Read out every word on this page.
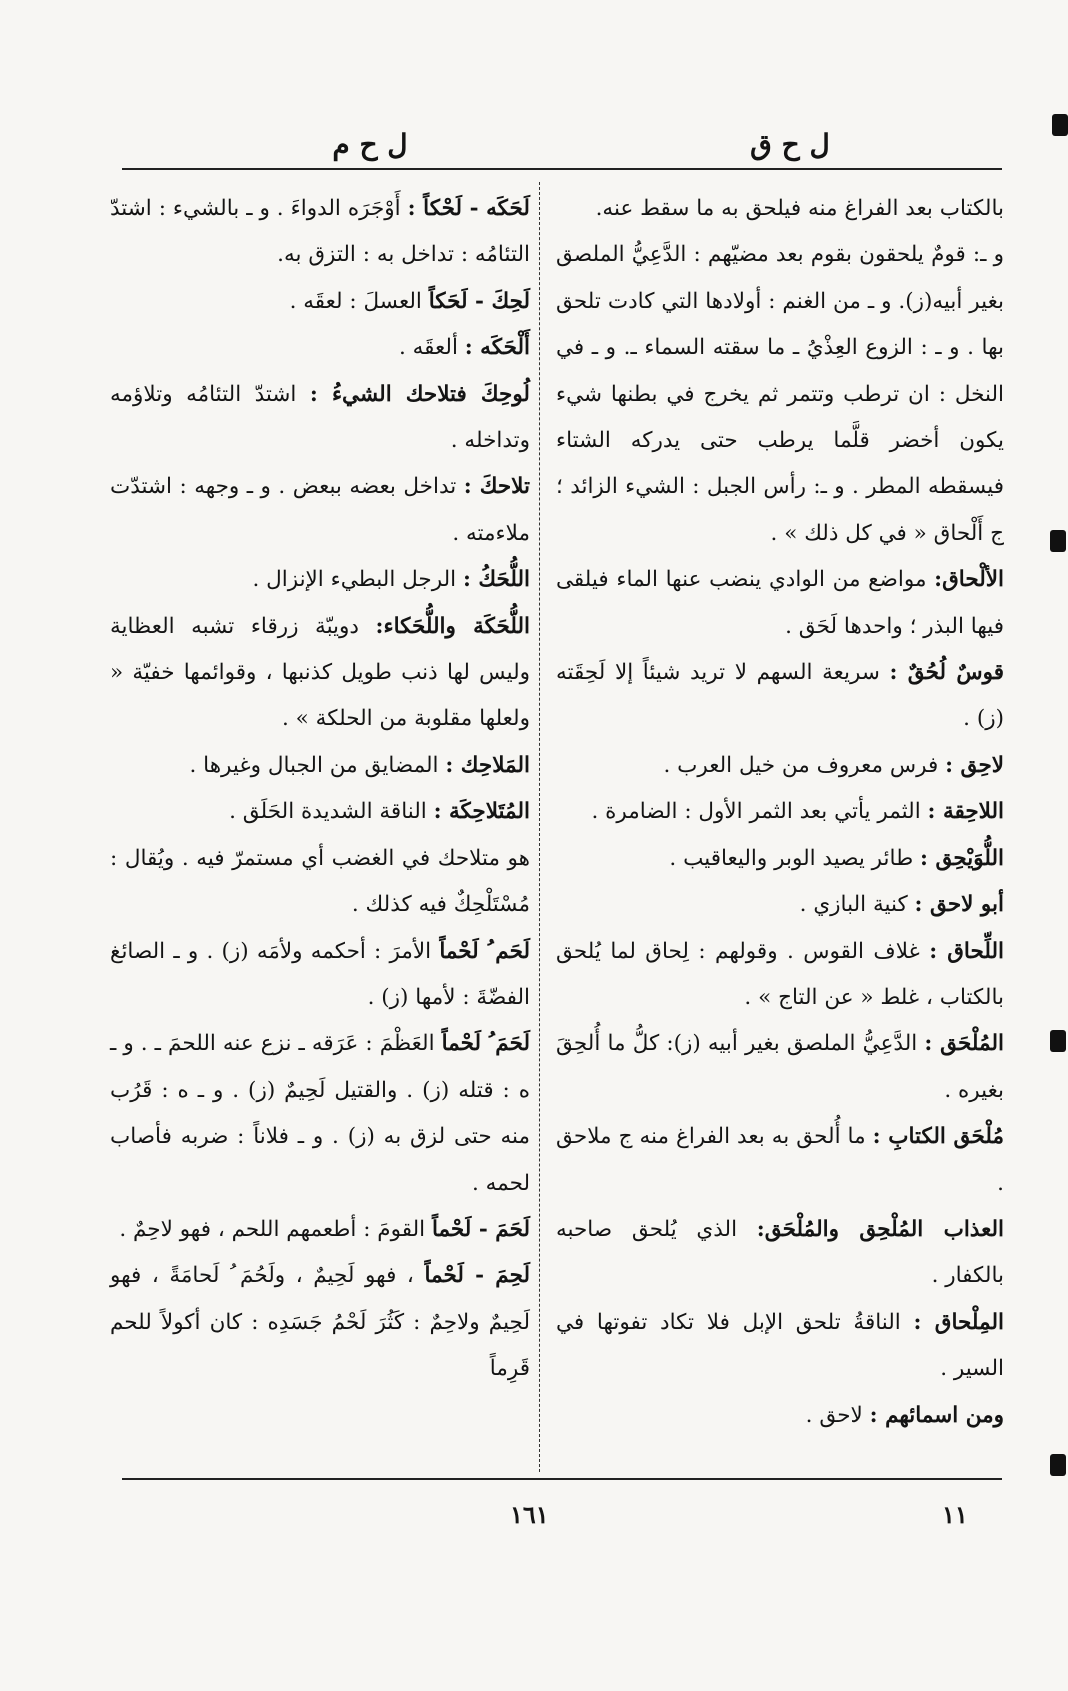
ل ح ق
ل ح م

بالكتاب بعد الفراغ منه فيلحق به ما سقط عنه.

و ـ: قومٌ يلحقون بقوم بعد مضيّهم : الدَّعِيُّ الملصق بغير أبيه(ز). و ـ من الغنم : أولادها التي كادت تلحق بها . و ـ : الزوع العِذْيُ ـ ما سقته السماء ـ. و ـ في النخل : ان ترطب وتتمر ثم يخرج في بطنها شيء يكون أخضر قلَّما يرطب حتى يدركه الشتاء فيسقطه المطر . و ـ: رأس الجبل : الشيء الزائد ؛ ج أَلْحاق « في كل ذلك » .

الألْحاق: مواضع من الوادي ينضب عنها الماء فيلقى فيها البذر ؛ واحدها لَحَق .

قوسٌ لُحُقٌ : سريعة السهم لا تريد شيئاً إلا لَحِقَته (ز) .

لاحِق : فرس معروف من خيل العرب .

اللاحِقة : الثمر يأتي بعد الثمر الأول : الضامرة .

اللُّوَيْحِق : طائر يصيد الوبر واليعاقيب .

أبو لاحق : كنية البازي .

اللِّحاق : غلاف القوس . وقولهم : لِحاق لما يُلحق بالكتاب ، غلط « عن التاج » .

المُلْحَق : الدَّعِيُّ الملصق بغير أبيه (ز): كلُّ ما أُلحِقَ بغيره .

مُلْحَق الكتابِ : ما أُلحق به بعد الفراغ منه ج ملاحق .

العذاب المُلْحِق والمُلْحَق: الذي يُلحق صاحبه بالكفار .

المِلْحاق : الناقةُ تلحق الإبل فلا تكاد تفوتها في السير .

ومن اسمائهم : لاحق .

لَحَكَه - لَحْكاً : أَوْجَرَه الدواءَ . و ـ بالشيء : اشتدّ التئامُه : تداخل به : التزق به.

لَحِكَ - لَحَكاً العسلَ : لعقَه .

أَلْحَكَه : ألعقَه .

لُوحِكَ فتلاحك الشيءُ : اشتدّ التئامُه وتلاؤمه وتداخله .

تلاحكَ : تداخل بعضه ببعض . و ـ وجهه : اشتدّت ملاءمته .

اللُّحَكُ : الرجل البطيء الإنزال .

اللُّحَكَة واللُّحَكاء: دويبّة زرقاء تشبه العظاية وليس لها ذنب طويل كذنبها ، وقوائمها خفيّة « ولعلها مقلوبة من الحلكة » .

المَلاحِك : المضايق من الجبال وغيرها .

المُتَلاحِكَة : الناقة الشديدة الحَلَق .

هو متلاحك في الغضب أي مستمرّ فيه . ويُقال : مُسْتَلْحِكٌ فيه كذلك .

لَحَم ُ لَحْماً الأمرَ : أحكمه ولأمَه (ز) . و ـ الصائغ الفضّةَ : لأمها (ز) .

لَحَمَ ُ لَحْماً العَظْمَ : عَرَقه ـ نزع عنه اللحمَ ـ . و ـ ه : قتله (ز) . والقتيل لَحِيمٌ (ز) . و ـ ه : قَرُب منه حتى لزق به (ز) . و ـ فلاناً : ضربه فأصاب لحمه .

لَحَمَ - لَحْماً القومَ : أطعمهم اللحم ، فهو لاحِمٌ .

لَحِمَ - لَحْماً ، فهو لَحِيمٌ ، ولَحُمَ ُ لَحامَةً ، فهو لَحِيمٌ ولاحِمٌ : كَثُرَ لَحْمُ جَسَدِه : كان أكولاً للحم قَرِماً

١٦١	١١
